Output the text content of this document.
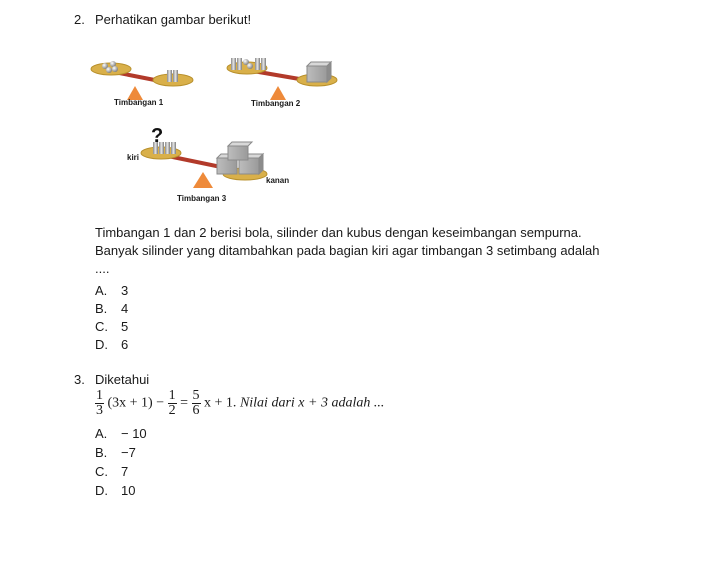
2. Perhatikan gambar berikut!
?
Timbangan 1	Timbangan 2
kiri
kanan
Timbangan 3
Timbangan 1 dan 2 berisi bola, silinder dan kubus dengan keseimbangan sempurna.
Banyak silinder yang ditambahkan pada bagian kiri agar timbangan 3 setimbang adalah
....
A. 3
B. 4
C. 5
D. 6
3. Diketahui
$\frac{1}{3} (3x + 1) - \frac{1}{2} = \frac{5}{6}$ x + 1. Nilai dari x + 3 adalah ...
A. − 10
B. −7
C. 7
D. 10
